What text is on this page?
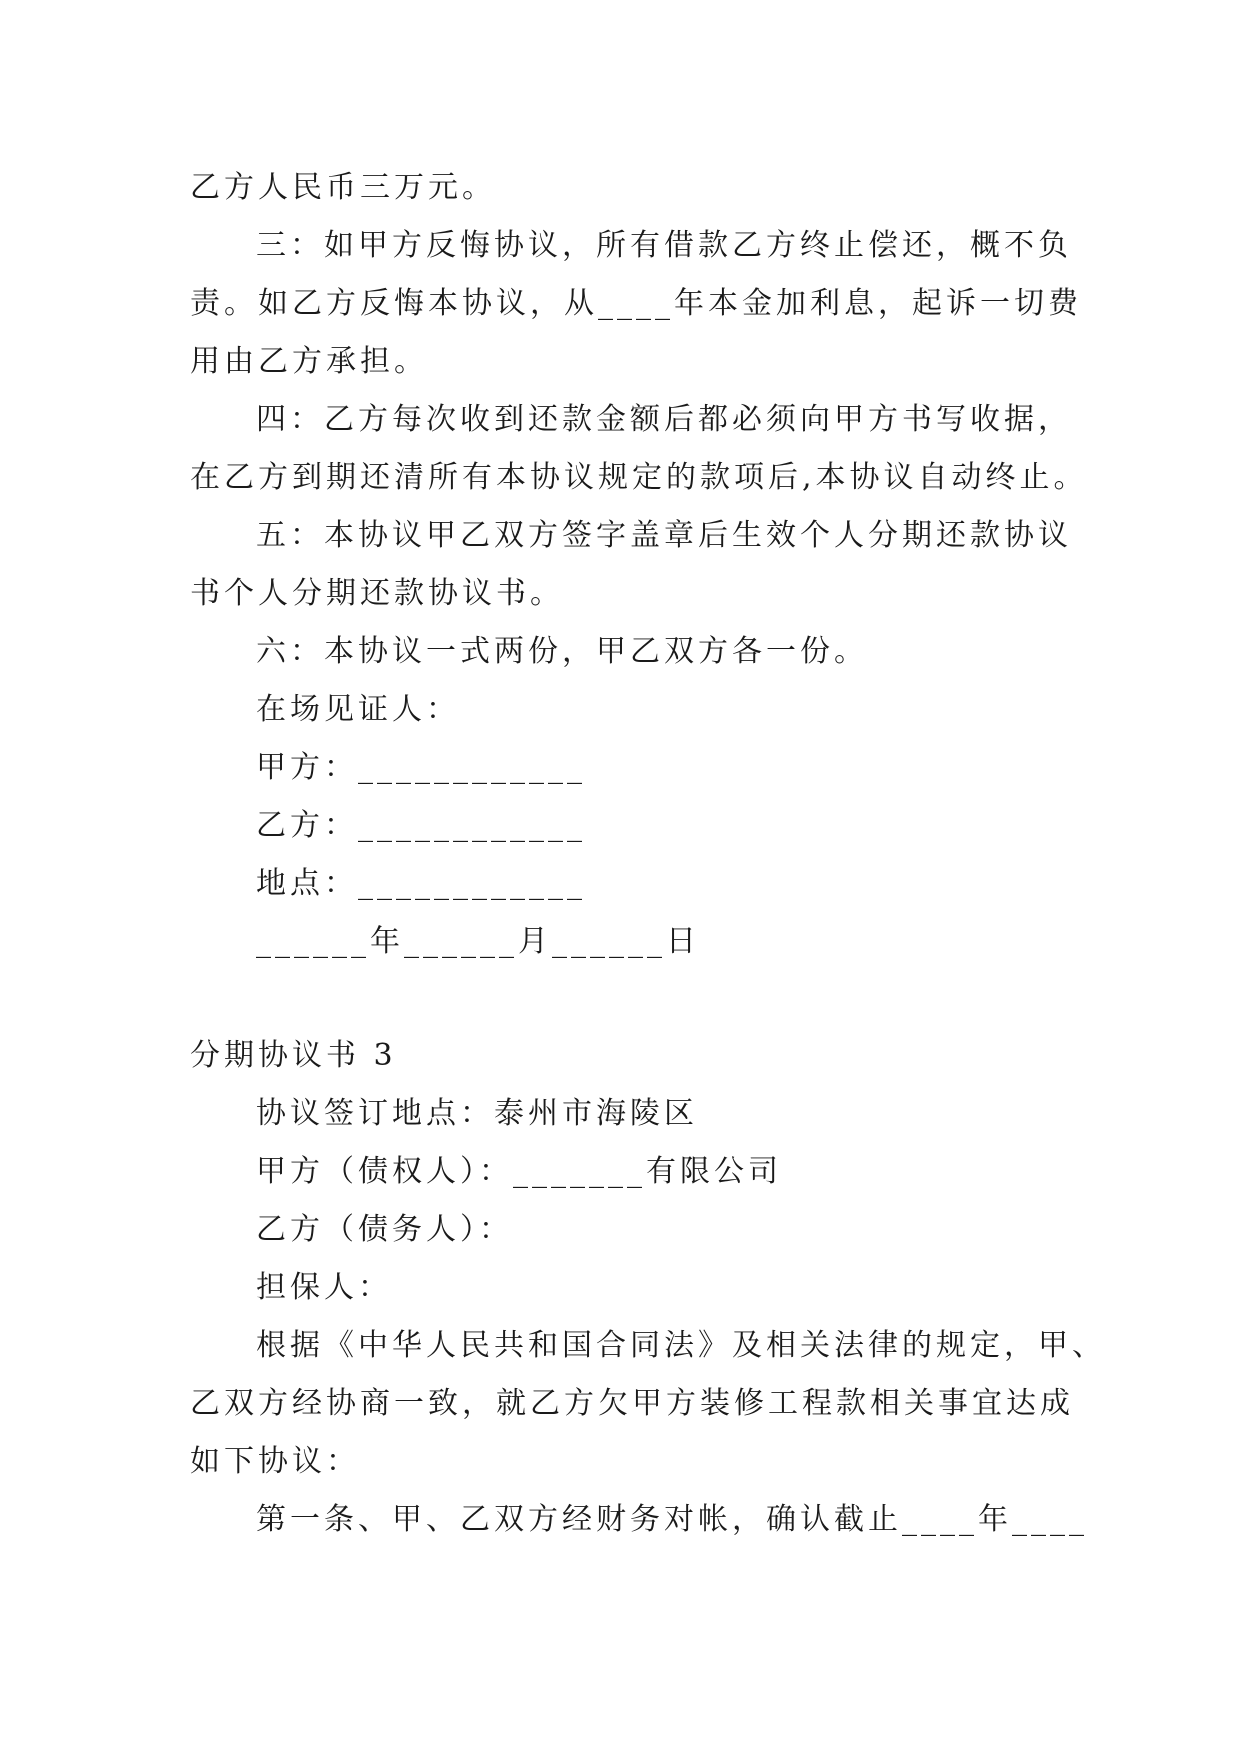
乙方人民币三万元。
三：如甲方反悔协议，所有借款乙方终止偿还，概不负
责。如乙方反悔本协议，从____年本金加利息，起诉一切费
用由乙方承担。
四：乙方每次收到还款金额后都必须向甲方书写收据，
在乙方到期还清所有本协议规定的款项后,本协议自动终止。
五：本协议甲乙双方签字盖章后生效个人分期还款协议
书个人分期还款协议书。
六：本协议一式两份，甲乙双方各一份。
在场见证人：
甲方：____________
乙方：____________
地点：____________
______年______月______日
分期协议书 3
协议签订地点：泰州市海陵区
甲方（债权人）：_______有限公司
乙方（债务人）：
担保人：
根据《中华人民共和国合同法》及相关法律的规定，甲、
乙双方经协商一致，就乙方欠甲方装修工程款相关事宜达成
如下协议：
第一条、甲、乙双方经财务对帐，确认截止____年____
